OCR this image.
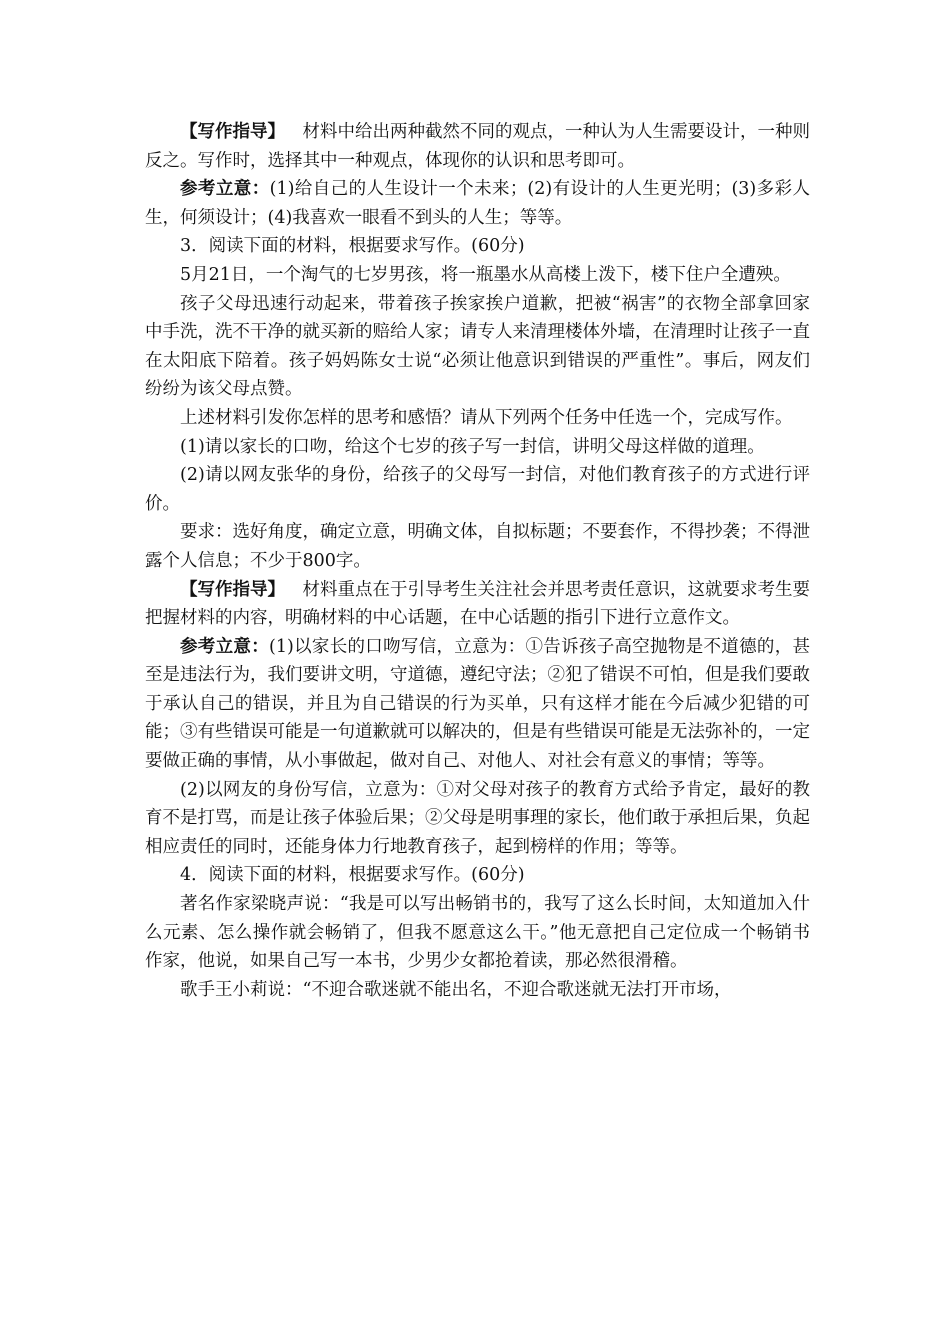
【写作指导】 材料中给出两种截然不同的观点，一种认为人生需要设计，一种则反之。写作时，选择其中一种观点，体现你的认识和思考即可。

参考立意：(1)给自己的人生设计一个未来；(2)有设计的人生更光明；(3)多彩人生，何须设计；(4)我喜欢一眼看不到头的人生；等等。

3．阅读下面的材料，根据要求写作。(60分)

5月21日，一个淘气的七岁男孩，将一瓶墨水从高楼上泼下，楼下住户全遭殃。

孩子父母迅速行动起来，带着孩子挨家挨户道歉，把被“祸害”的衣物全部拿回家中手洗，洗不干净的就买新的赔给人家；请专人来清理楼体外墙，在清理时让孩子一直在太阳底下陪着。孩子妈妈陈女士说“必须让他意识到错误的严重性”。事后，网友们纷纷为该父母点赞。

上述材料引发你怎样的思考和感悟？请从下列两个任务中任选一个，完成写作。

(1)请以家长的口吻，给这个七岁的孩子写一封信，讲明父母这样做的道理。

(2)请以网友张华的身份，给孩子的父母写一封信，对他们教育孩子的方式进行评价。

要求：选好角度，确定立意，明确文体，自拟标题；不要套作，不得抄袭；不得泄露个人信息；不少于800字。

【写作指导】 材料重点在于引导考生关注社会并思考责任意识，这就要求考生要把握材料的内容，明确材料的中心话题，在中心话题的指引下进行立意作文。

参考立意：(1)以家长的口吻写信，立意为：①告诉孩子高空抛物是不道德的，甚至是违法行为，我们要讲文明，守道德，遵纪守法；②犯了错误不可怕，但是我们要敢于承认自己的错误，并且为自己错误的行为买单，只有这样才能在今后减少犯错的可能；③有些错误可能是一句道歉就可以解决的，但是有些错误可能是无法弥补的，一定要做正确的事情，从小事做起，做对自己、对他人、对社会有意义的事情；等等。

(2)以网友的身份写信，立意为：①对父母对孩子的教育方式给予肯定，最好的教育不是打骂，而是让孩子体验后果；②父母是明事理的家长，他们敢于承担后果，负起相应责任的同时，还能身体力行地教育孩子，起到榜样的作用；等等。

4．阅读下面的材料，根据要求写作。(60分)

著名作家梁晓声说：“我是可以写出畅销书的，我写了这么长时间，太知道加入什么元素、怎么操作就会畅销了，但我不愿意这么干。”他无意把自己定位成一个畅销书作家，他说，如果自己写一本书，少男少女都抢着读，那必然很滑稽。

歌手王小莉说：“不迎合歌迷就不能出名，不迎合歌迷就无法打开市场，
